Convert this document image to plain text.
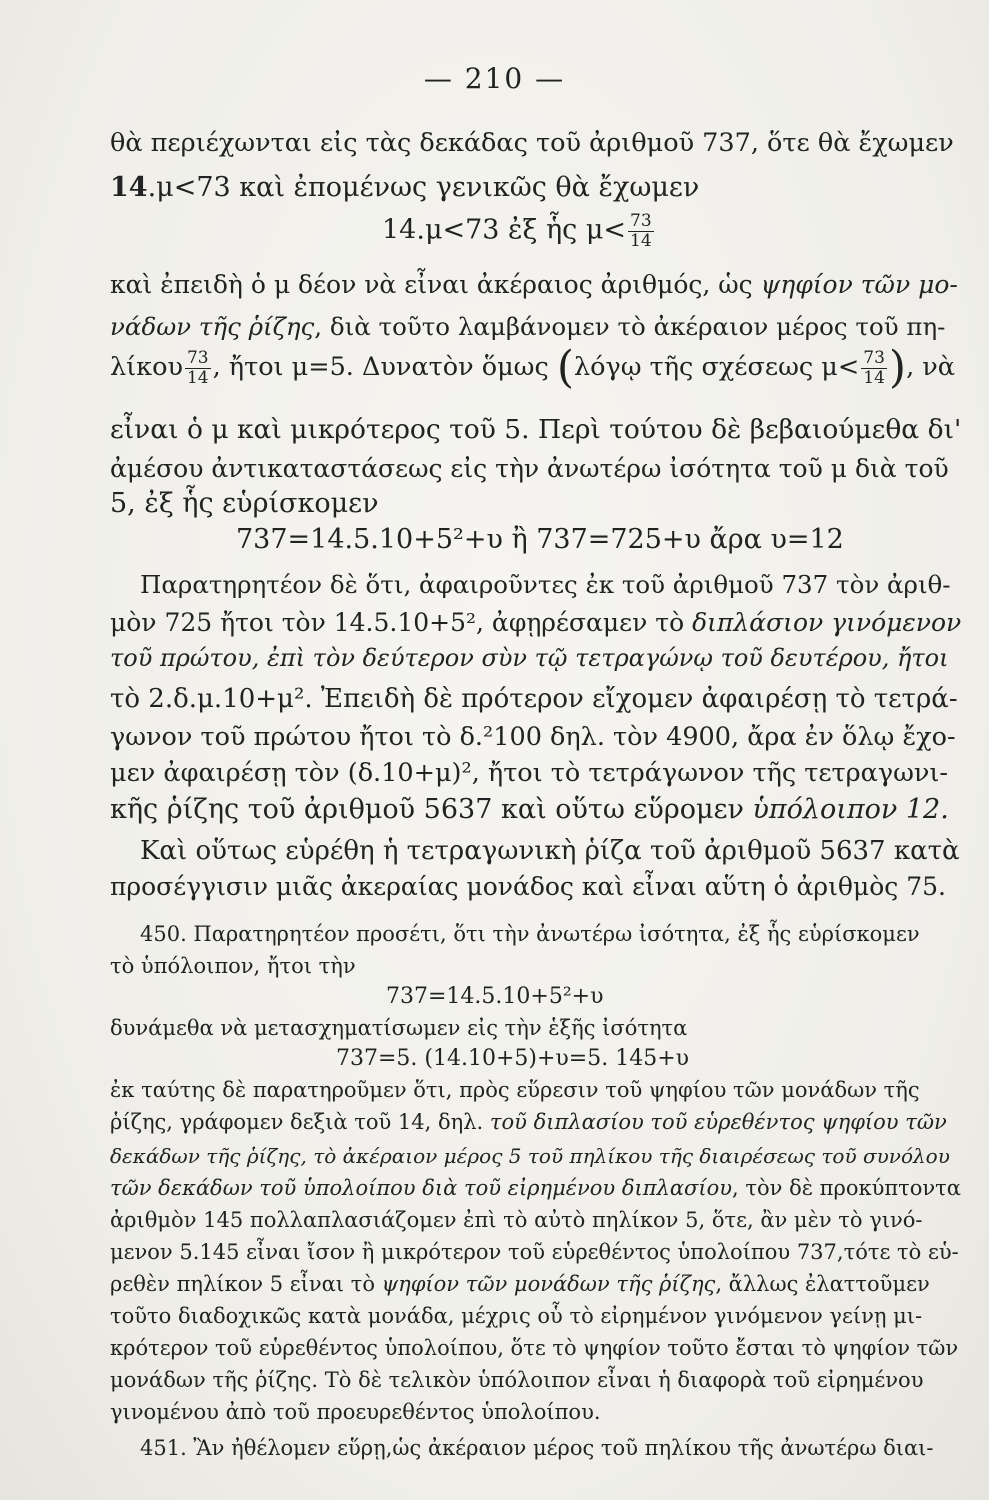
— 210 —
θὰ περιέχωνται εἰς τὰς δεκάδας τοῦ ἀριθμοῦ 737, ὅτε θὰ ἔχωμεν
14.μ<73 καὶ ἐπομένως γενικῶς θὰ ἔχωμεν
14.μ<73 ἐξ ἧς $\mu< \frac{73}{14}$
καὶ ἐπειδὴ ὁ μ δέον νὰ εἶναι ἀκέραιος ἀριθμός, ὡς ψηφίον τῶν μο-
νάδων τῆς ῥίζης, διὰ τοῦτο λαμβάνομεν τὸ ἀκέραιον μέρος τοῦ πη-
λίκου $\frac{73}{14}$ , ἤτοι μ=5. Δυνατὸν ὅμως (λόγῳ τῆς σχέσεως $\mu< \frac{73}{14}$ ), νὰ
εἶναι ὁ μ καὶ μικρότερος τοῦ 5. Περὶ τούτου δὲ βεβαιούμεθα δι'
ἀμέσου ἀντικαταστάσεως εἰς τὴν ἀνωτέρω ἰσότητα τοῦ μ διὰ τοῦ
5, ἐξ ἧς εὑρίσκομεν
737=14.5.10+5²+υ ἢ 737=725+υ ἄρα υ=12
Παρατηρητέον δὲ ὅτι, ἀφαιροῦντες ἐκ τοῦ ἀριθμοῦ 737 τὸν ἀριθ-
μὸν 725 ἤτοι τὸν 14.5.10+5², ἀφῃρέσαμεν τὸ διπλάσιον γινόμενον
τοῦ πρώτου, ἐπὶ τὸν δεύτερον σὺν τῷ τετραγώνῳ τοῦ δευτέρου, ἤτοι
τὸ 2.δ.μ.10+μ². Ἐπειδὴ δὲ πρότερον εἴχομεν ἀφαιρέσῃ τὸ τετρά-
γωνον τοῦ πρώτου ἤτοι τὸ δ.²100 δηλ. τὸν 4900, ἄρα ἐν ὅλῳ ἔχο-
μεν ἀφαιρέσῃ τὸν (δ.10+μ)², ἤτοι τὸ τετράγωνον τῆς τετραγωνι-
κῆς ῥίζης τοῦ ἀριθμοῦ 5637 καὶ οὕτω εὕρομεν ὑπόλοιπον 12.
Καὶ οὕτως εὑρέθη ἡ τετραγωνικὴ ῥίζα τοῦ ἀριθμοῦ 5637 κατὰ
προσέγγισιν μιᾶς ἀκεραίας μονάδος καὶ εἶναι αὕτη ὁ ἀριθμὸς 75.
450. Παρατηρητέον προσέτι, ὅτι τὴν ἀνωτέρω ἰσότητα, ἐξ ἧς εὑρίσκομεν
τὸ ὑπόλοιπον, ἤτοι τὴν
737=14.5.10+5²+υ
δυνάμεθα νὰ μετασχηματίσωμεν εἰς τὴν ἑξῆς ἰσότητα
737=5. (14.10+5)+υ=5. 145+υ
ἐκ ταύτης δὲ παρατηροῦμεν ὅτι, πρὸς εὕρεσιν τοῦ ψηφίου τῶν μονάδων τῆς
ῥίζης, γράφομεν δεξιὰ τοῦ 14, δηλ. τοῦ διπλασίου τοῦ εὑρεθέντος ψηφίου τῶν
δεκάδων τῆς ῥίζης, τὸ ἀκέραιον μέρος 5 τοῦ πηλίκου τῆς διαιρέσεως τοῦ συνόλου
τῶν δεκάδων τοῦ ὑπολοίπου διὰ τοῦ εἰρημένου διπλασίου, τὸν δὲ προκύπτοντα
ἀριθμὸν 145 πολλαπλασιάζομεν ἐπὶ τὸ αὐτὸ πηλίκον 5, ὅτε, ἂν μὲν τὸ γινό-
μενον 5.145 εἶναι ἴσον ἢ μικρότερον τοῦ εὑρεθέντος ὑπολοίπου 737,τότε τὸ εὑ-
ρεθὲν πηλίκον 5 εἶναι τὸ ψηφίον τῶν μονάδων τῆς ῥίζης, ἄλλως ἐλαττοῦμεν
τοῦτο διαδοχικῶς κατὰ μονάδα, μέχρις οὗ τὸ εἰρημένον γινόμενον γείνῃ μι-
κρότερον τοῦ εὑρεθέντος ὑπολοίπου, ὅτε τὸ ψηφίον τοῦτο ἔσται τὸ ψηφίον τῶν
μονάδων τῆς ῥίζης. Τὸ δὲ τελικὸν ὑπόλοιπον εἶναι ἡ διαφορὰ τοῦ εἰρημένου
γινομένου ἀπὸ τοῦ προευρεθέντος ὑπολοίπου.
451. Ἂν ἠθέλομεν εὕρῃ,ὡς ἀκέραιον μέρος τοῦ πηλίκου τῆς ἀνωτέρω διαι-
